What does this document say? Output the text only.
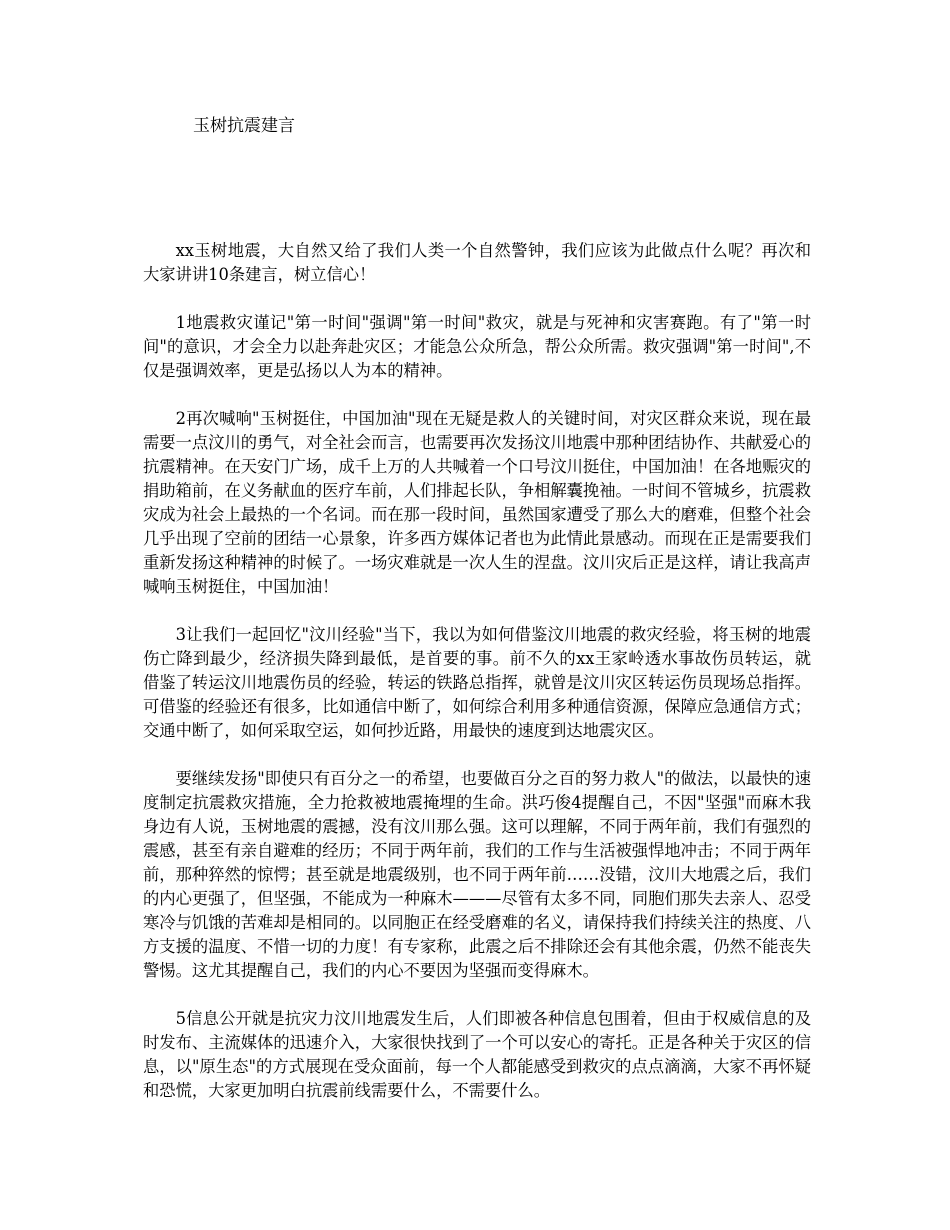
玉树抗震建言

xx玉树地震，大自然又给了我们人类一个自然警钟，我们应该为此做点什么呢？再次和大家讲讲10条建言，树立信心！

1地震救灾谨记"第一时间"强调"第一时间"救灾，就是与死神和灾害赛跑。有了"第一时间"的意识，才会全力以赴奔赴灾区；才能急公众所急，帮公众所需。救灾强调"第一时间",不仅是强调效率，更是弘扬以人为本的精神。

2再次喊响"玉树挺住，中国加油"现在无疑是救人的关键时间，对灾区群众来说，现在最需要一点汶川的勇气，对全社会而言，也需要再次发扬汶川地震中那种团结协作、共献爱心的抗震精神。在天安门广场，成千上万的人共喊着一个口号汶川挺住，中国加油！在各地赈灾的捐助箱前，在义务献血的医疗车前，人们排起长队，争相解囊挽袖。一时间不管城乡，抗震救灾成为社会上最热的一个名词。而在那一段时间，虽然国家遭受了那么大的磨难，但整个社会几乎出现了空前的团结一心景象，许多西方媒体记者也为此情此景感动。而现在正是需要我们重新发扬这种精神的时候了。一场灾难就是一次人生的涅盘。汶川灾后正是这样，请让我高声喊响玉树挺住，中国加油！

3让我们一起回忆"汶川经验"当下，我以为如何借鉴汶川地震的救灾经验，将玉树的地震伤亡降到最少，经济损失降到最低，是首要的事。前不久的xx王家岭透水事故伤员转运，就借鉴了转运汶川地震伤员的经验，转运的铁路总指挥，就曾是汶川灾区转运伤员现场总指挥。可借鉴的经验还有很多，比如通信中断了，如何综合利用多种通信资源，保障应急通信方式；交通中断了，如何采取空运，如何抄近路，用最快的速度到达地震灾区。

要继续发扬"即使只有百分之一的希望，也要做百分之百的努力救人"的做法，以最快的速度制定抗震救灾措施，全力抢救被地震掩埋的生命。洪巧俊4提醒自己，不因"坚强"而麻木我身边有人说，玉树地震的震撼，没有汶川那么强。这可以理解，不同于两年前，我们有强烈的震感，甚至有亲自避难的经历；不同于两年前，我们的工作与生活被强悍地冲击；不同于两年前，那种猝然的惊愕；甚至就是地震级别，也不同于两年前……没错，汶川大地震之后，我们的内心更强了，但坚强，不能成为一种麻木———尽管有太多不同，同胞们那失去亲人、忍受寒冷与饥饿的苦难却是相同的。以同胞正在经受磨难的名义，请保持我们持续关注的热度、八方支援的温度、不惜一切的力度！有专家称，此震之后不排除还会有其他余震，仍然不能丧失警惕。这尤其提醒自己，我们的内心不要因为坚强而变得麻木。

5信息公开就是抗灾力汶川地震发生后，人们即被各种信息包围着，但由于权威信息的及时发布、主流媒体的迅速介入，大家很快找到了一个可以安心的寄托。正是各种关于灾区的信息，以"原生态"的方式展现在受众面前，每一个人都能感受到救灾的点点滴滴，大家不再怀疑和恐慌，大家更加明白抗震前线需要什么，不需要什么。
